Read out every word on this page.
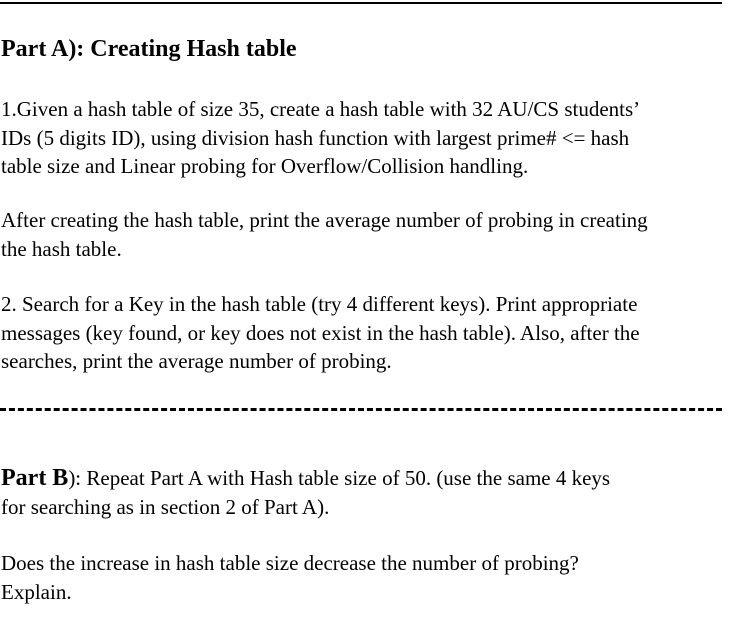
Part A): Creating Hash table

1.Given a hash table of size 35, create a hash table with 32 AU/CS students’
IDs (5 digits ID), using division hash function with largest prime# <= hash
table size and Linear probing for Overflow/Collision handling.

After creating the hash table, print the average number of probing in creating
the hash table.

2. Search for a Key in the hash table (try 4 different keys). Print appropriate
messages (key found, or key does not exist in the hash table). Also, after the
searches, print the average number of probing.

Part B): Repeat Part A with Hash table size of 50. (use the same 4 keys
for searching as in section 2 of Part A).

Does the increase in hash table size decrease the number of probing?
Explain.
